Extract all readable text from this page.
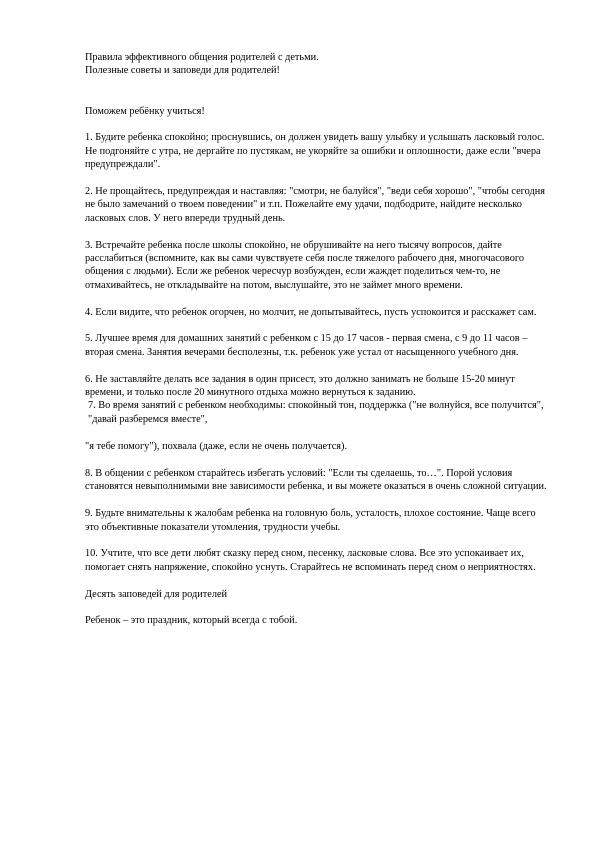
Правила эффективного общения родителей с детьми.

Полезные советы и заповеди для родителей!

Поможем ребёнку учиться!

1. Будите ребенка спокойно; проснувшись, он должен увидеть вашу улыбку и услышать ласковый голос. Не подгоняйте с утра, не дергайте по пустякам, не укоряйте за ошибки и оплошности, даже если "вчера предупреждали".

2. Не прощайтесь, предупреждая и наставляя: "смотри, не балуйся", "веди себя хорошо", "чтобы сегодня не было замечаний о твоем поведении" и т.п. Пожелайте ему удачи, подбодрите, найдите несколько ласковых слов. У него впереди трудный день.

3. Встречайте ребенка после школы спокойно, не обрушивайте на него тысячу вопросов, дайте расслабиться (вспомните, как вы сами чувствуете себя после тяжелого рабочего дня, многочасового общения с людьми). Если же ребенок чересчур возбужден, если жаждет поделиться чем-то, не отмахивайтесь, не откладывайте на потом, выслушайте, это не займет много времени.

4. Если видите, что ребенок огорчен, но молчит, не допытывайтесь, пусть успокоится и расскажет сам.

5. Лучшее время для домашних занятий с ребенком с 15 до 17 часов - первая смена, с 9 до 11 часов – вторая смена. Занятия вечерами бесполезны, т.к. ребенок уже устал от насыщенного учебного дня.

6. Не заставляйте делать все задания в один присест, это должно занимать не больше 15-20 минут времени, и только после 20 минутного отдыха можно вернуться к заданию.

7. Во время занятий с ребенком необходимы: спокойный тон, поддержка ("не волнуйся, все получится", "давай разберемся вместе",

"я тебе помогу"), похвала (даже, если не очень получается).

8. В общении с ребенком старайтесь избегать условий: "Если ты сделаешь, то…". Порой условия становятся невыполнимыми вне зависимости ребенка, и вы можете оказаться в очень сложной ситуации.

9. Будьте внимательны к жалобам ребенка на головную боль, усталость, плохое состояние. Чаще всего это объективные показатели утомления, трудности учебы.

10. Учтите, что все дети любят сказку перед сном, песенку, ласковые слова. Все это успокаивает их, помогает снять напряжение, спокойно уснуть. Старайтесь не вспоминать перед сном о неприятностях.

Десять заповедей для родителей

Ребенок – это праздник, который всегда с тобой.
